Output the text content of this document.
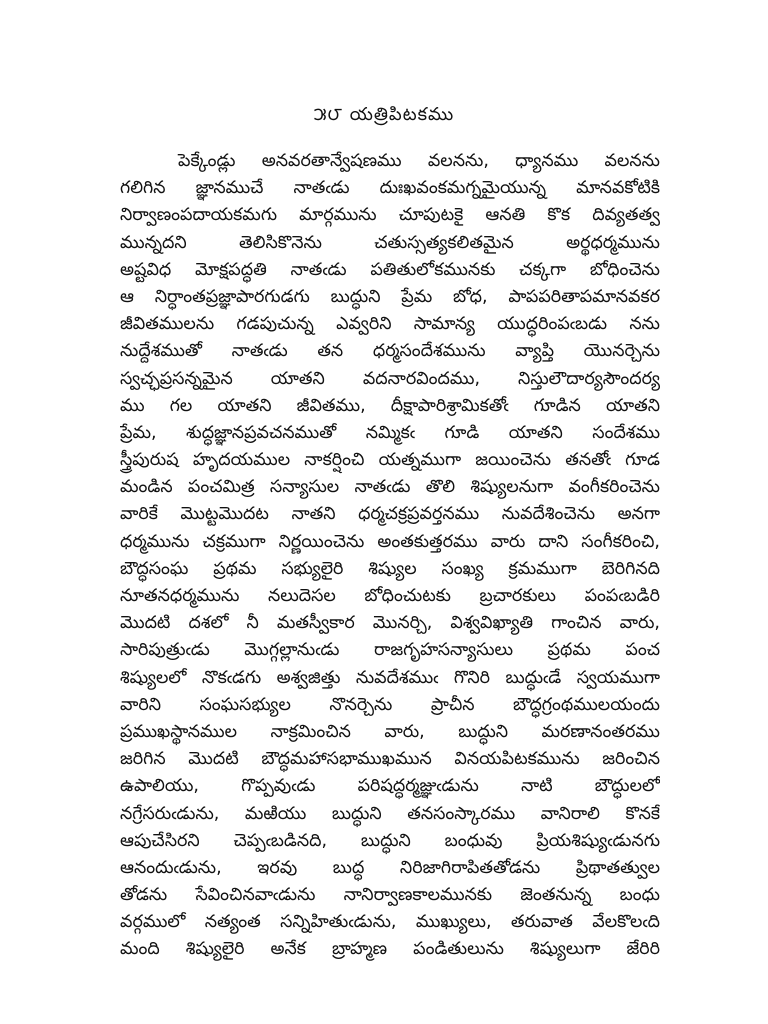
౫౮ యత్రిపిటకము
పెక్కేండ్లు అనవరతాన్వేషణము వలనను, ధ్యానము వలనను
గలిగిన జ్ఞానముచే నాతఁడు దుఃఖవంకమగ్నమైయున్న మానవకోటికి
నిర్వాణంపదాయకమగు మార్గమును చూపుటకై ఆనతి కొక దివ్యతత్వ
మున్నదని తెలిసికొనెను చతుస్సత్యకలితమైన అర్థధర్మమును
అష్టవిధ మోక్షపద్ధతి నాతఁడు పతితులోకమునకు చక్కగా బోధించెను
ఆ నిర్ధాంతప్రజ్ఞాపారగుడగు బుద్ధుని ప్రేమ బోధ, పాపపరితాపమానవకర
జీవితములను గడపుచున్న ఎవ్వరిని సామాన్య యుద్ధరింపఁబడు నను
నుద్దేశముతో నాతఁడు తన ధర్మసందేశమును వ్యాప్తి యొనర్చెను
స్వచ్ఛప్రసన్నమైన యాతని వదనారవిందము, నిస్తులౌదార్యసౌందర్య
ము గల యాతని జీవితము, దీక్షాపారిశ్రామికతోఁ గూడిన యాతని
ప్రేమ, శుద్ధజ్ఞానప్రవచనముతో నమ్మికఁ గూడి యాతని సందేశము
స్త్రీపురుష హృదయముల నాకర్షించి యత్నముగా జయించెను తనతోఁ గూడ
మండిన పంచమిత్ర సన్యాసుల నాతఁడు తొలి శిష్యులనుగా వంగీకరించెను
వారికే మొట్టమొదట నాతని ధర్మచక్రప్రవర్తనము నువదేశించెను అనగా
ధర్మమును చక్రముగా నిర్ణయించెను అంతకుత్తరము వారు దాని సంగీకరించి,
బౌద్ధసంఘ ప్రథమ సభ్యులైరి శిష్యుల సంఖ్య క్రమముగా బెరిగినది
నూతనధర్మమును నలుదెసల బోధించుటకు బ్రచారకులు పంపఁబడిరి
మొదటి దశలో నీ మతస్వీకార మొనర్చి, విశ్వవిఖ్యాతి గాంచిన వారు,
సారిపుత్రుఁడు మొగ్గల్లానుఁడు రాజగృహసన్యాసులు ప్రథమ పంచ
శిష్యులలో నొకఁడగు అశ్వజిత్తు నువదేశముఁ గొనిరి బుద్ధుఁడే స్వయముగా
వారిని సంఘసభ్యుల నొనర్చెను ప్రాచీన బౌద్ధగ్రంథములయందు
ప్రముఖస్థానముల నాక్రమించిన వారు, బుద్ధుని మరణానంతరము
జరిగిన మొదటి బౌద్ధమహాసభాముఖమున వినయపిటకమును జరించిన
ఉపాలియు, గొప్పవుఁడు పరిషద్ధర్మజ్ఞుఁడును నాటి బౌద్ధులలో
నగ్రేసరుఁడును, మఱియు బుద్ధుని తనసంస్కారము వానిరాలి కొనకే
ఆపుచేసిరని చెప్పఁబడినది, బుద్ధుని బంధువు ప్రియశిష్యుఁడునగు
ఆనందుఁడును, ఇరవు బుద్ధ నిరిజాగిరాపితతోడను ప్రిథాతత్వుల
తోడను సేవించినవాఁడును నానిర్వాణకాలమునకు జెంతనున్న బంధు
వర్గములో నత్యంత సన్నిహితుఁడును, ముఖ్యులు, తరువాత వేలకొలఁది
మంది శిష్యులైరి అనేక బ్రాహ్మణ పండితులును శిష్యులుగా జేరిరి
